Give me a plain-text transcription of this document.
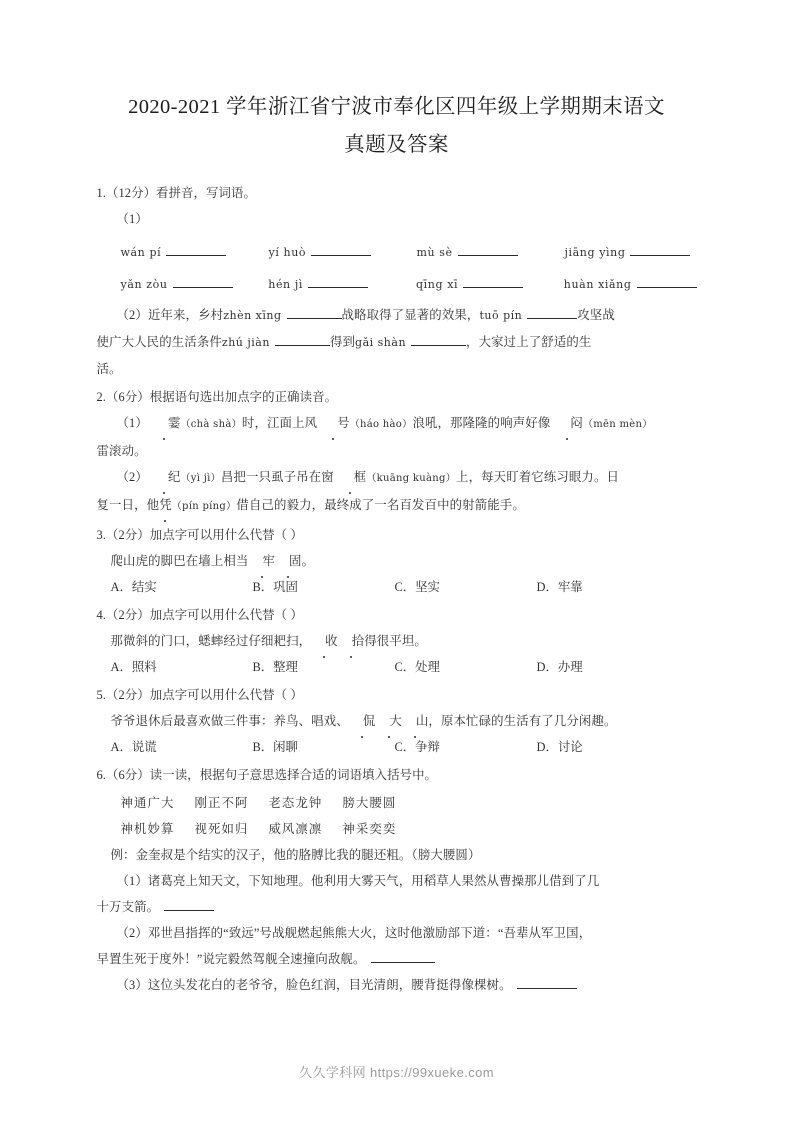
2020-2021 学年浙江省宁波市奉化区四年级上学期期末语文
真题及答案

1.（12分）看拼音，写词语。

（1）

wán pí	yí huò	mù sè	jiāng yìng
yǎn zòu	hén jì	qīng xī	huàn xiǎng

（2）近年来，乡村zhèn xīng	战略取得了显著的效果，tuō pín	攻坚战

使广大人民的生活条件zhú jiàn	得到gǎi shàn	，大家过上了舒适的生

活。

2.（6分）根据语句选出加点字的正确读音。

（1） 霎（chà shà）时，江面上风 号（háo hào）浪吼，那隆隆的响声好像 闷（mēn mèn）

雷滚动。

（2） 纪（yì jì）昌把一只虱子吊在窗 框（kuāng kuàng）上，每天盯着它练习眼力。日

复一日，他凭（pín píng）借自己的毅力，最终成了一名百发百中的射箭能手。

3.（2分）加点字可以用什么代替（ ）

爬山虎的脚巴在墙上相当 牢 固。

A．结实	B．巩固	C．坚实	D．牢靠

4.（2分）加点字可以用什么代替（ ）

那微斜的门口，蟋蟀经过仔细耙扫， 收 拾得很平坦。

A．照料	B．整理	C．处理	D．办理

5.（2分）加点字可以用什么代替（ ）

爷爷退休后最喜欢做三件事：养鸟、唱戏、 侃 大 山，原本忙碌的生活有了几分闲趣。

A．说谎	B．闲聊	C．争辩	D．讨论

6.（6分）读一读，根据句子意思选择合适的词语填入括号中。

神通广大 刚正不阿 老态龙钟 膀大腰圆
神机妙算 视死如归 威风凛凛 神采奕奕

例：金奎叔是个结实的汉子，他的胳膊比我的腿还粗。（膀大腰圆）

（1）诸葛亮上知天文，下知地理。他利用大雾天气，用稻草人果然从曹操那儿借到了几

十万支箭。

（2）邓世昌指挥的“致远”号战舰燃起熊熊大火，这时他激励部下道：“吾辈从军卫国，

早置生死于度外！”说完毅然驾舰全速撞向敌舰。

（3）这位头发花白的老爷爷，脸色红润，目光清朗，腰背挺得像棵树。

久久学科网 https://99xueke.com
